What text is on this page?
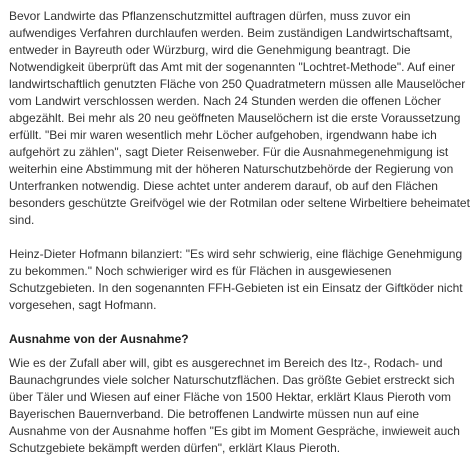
Bevor Landwirte das Pflanzenschutzmittel auftragen dürfen, muss zuvor ein aufwendiges Verfahren durchlaufen werden. Beim zuständigen Landwirtschaftsamt, entweder in Bayreuth oder Würzburg, wird die Genehmigung beantragt. Die Notwendigkeit überprüft das Amt mit der sogenannten "Lochtret-Methode". Auf einer landwirtschaftlich genutzten Fläche von 250 Quadratmetern müssen alle Mauselöcher vom Landwirt verschlossen werden. Nach 24 Stunden werden die offenen Löcher abgezählt. Bei mehr als 20 neu geöffneten Mauselöchern ist die erste Voraussetzung erfüllt. "Bei mir waren wesentlich mehr Löcher aufgehoben, irgendwann habe ich aufgehört zu zählen", sagt Dieter Reisenweber. Für die Ausnahmegenehmigung ist weiterhin eine Abstimmung mit der höheren Naturschutzbehörde der Regierung von Unterfranken notwendig. Diese achtet unter anderem darauf, ob auf den Flächen besonders geschützte Greifvögel wie der Rotmilan oder seltene Wirbeltiere beheimatet sind.

Heinz-Dieter Hofmann bilanziert: "Es wird sehr schwierig, eine flächige Genehmigung zu bekommen." Noch schwieriger wird es für Flächen in ausgewiesenen Schutzgebieten. In den sogenannten FFH-Gebieten ist ein Einsatz der Giftköder nicht vorgesehen, sagt Hofmann.

Ausnahme von der Ausnahme?

Wie es der Zufall aber will, gibt es ausgerechnet im Bereich des Itz-, Rodach- und Baunachgrundes viele solcher Naturschutzflächen. Das größte Gebiet erstreckt sich über Täler und Wiesen auf einer Fläche von 1500 Hektar, erklärt Klaus Pieroth vom Bayerischen Bauernverband. Die betroffenen Landwirte müssen nun auf eine Ausnahme von der Ausnahme hoffen "Es gibt im Moment Gespräche, inwieweit auch Schutzgebiete bekämpft werden dürfen", erklärt Klaus Pieroth.
